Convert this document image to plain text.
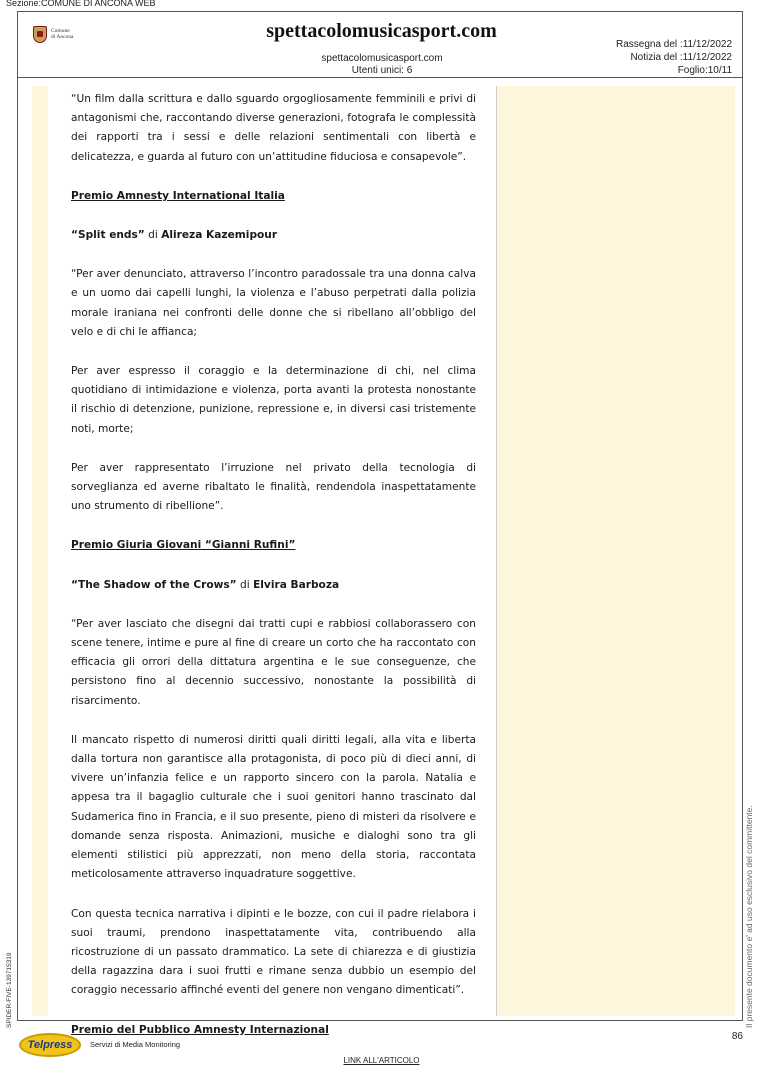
Sezione:COMUNE DI ANCONA WEB
Comune
di Ancona	spettacolomusicasport.com
spettacolomusicasport.com
Utenti unici: 6
Rassegna del :11/12/2022
Notizia del :11/12/2022
Foglio:10/11

“Un film dalla scrittura e dallo sguardo orgogliosamente femminili e privi di antagonismi che, raccontando diverse generazioni, fotografa le complessità dei rapporti tra i sessi e delle relazioni sentimentali con libertà e delicatezza, e guarda al futuro con un’attitudine fiduciosa e consapevole”.

Premio Amnesty International Italia

“Split ends” di Alireza Kazemipour

“Per aver denunciato, attraverso l’incontro paradossale tra una donna calva e un uomo dai capelli lunghi, la violenza e l’abuso perpetrati dalla polizia morale iraniana nei confronti delle donne che si ribellano all’obbligo del velo e di chi le affianca;

Per aver espresso il coraggio e la determinazione di chi, nel clima quotidiano di intimidazione e violenza, porta avanti la protesta nonostante il rischio di detenzione, punizione, repressione e, in diversi casi tristemente noti, morte;

Per aver rappresentato l’irruzione nel privato della tecnologia di sorveglianza ed averne ribaltato le finalità, rendendola inaspettatamente uno strumento di ribellione”.

Premio Giuria Giovani “Gianni Rufini”

“The Shadow of the Crows” di Elvira Barboza

“Per aver lasciato che disegni dai tratti cupi e rabbiosi collaborassero con scene tenere, intime e pure al fine di creare un corto che ha raccontato con efficacia gli orrori della dittatura argentina e le sue conseguenze, che persistono fino al decennio successivo, nonostante la possibilità di risarcimento.

Il mancato rispetto di numerosi diritti quali diritti legali, alla vita e liberta dalla tortura non garantisce alla protagonista, di poco più di dieci anni, di vivere un’infanzia felice e un rapporto sincero con la parola. Natalia e appesa tra il bagaglio culturale che i suoi genitori hanno trascinato dal Sudamerica fino in Francia, e il suo presente, pieno di misteri da risolvere e domande senza risposta. Animazioni, musiche e dialoghi sono tra gli elementi stilistici più apprezzati, non meno della storia, raccontata meticolosamente attraverso inquadrature soggettive.

Con questa tecnica narrativa i dipinti e le bozze, con cui il padre rielabora i suoi traumi, prendono inaspettatamente vita, contribuendo alla ricostruzione di un passato drammatico. La sete di chiarezza e di giustizia della ragazzina dara i suoi frutti e rimane senza dubbio un esempio del coraggio necessario affinché eventi del genere non vengano dimenticati”.

Premio del Pubblico Amnesty Internazional

Il presente documento e' ad uso esclusivo del committente.
SPIDER-FIVE-139715319
86
Telpress	Servizi di Media Monitoring
LINK ALL'ARTICOLO
